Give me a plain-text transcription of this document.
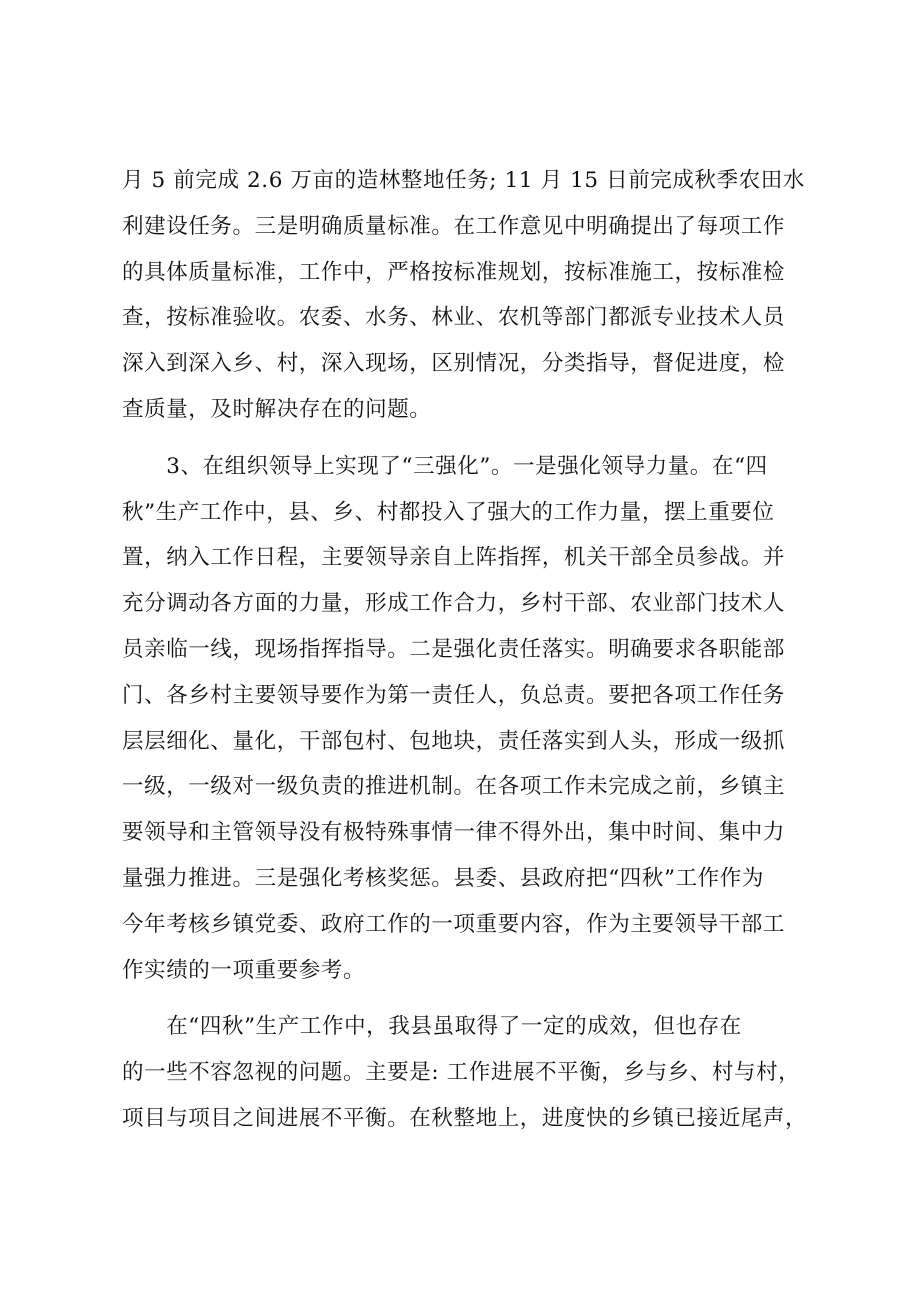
月 5 前完成 2.6 万亩的造林整地任务; 11 月 15 日前完成秋季农田水
利建设任务。三是明确质量标准。在工作意见中明确提出了每项工作
的具体质量标准，工作中，严格按标准规划，按标准施工，按标准检
查，按标准验收。农委、水务、林业、农机等部门都派专业技术人员
深入到深入乡、村，深入现场，区别情况，分类指导，督促进度，检
查质量，及时解决存在的问题。
　　3、在组织领导上实现了“三强化”。一是强化领导力量。在“四
秋”生产工作中，县、乡、村都投入了强大的工作力量，摆上重要位
置，纳入工作日程，主要领导亲自上阵指挥，机关干部全员参战。并
充分调动各方面的力量，形成工作合力，乡村干部、农业部门技术人
员亲临一线，现场指挥指导。二是强化责任落实。明确要求各职能部
门、各乡村主要领导要作为第一责任人，负总责。要把各项工作任务
层层细化、量化，干部包村、包地块，责任落实到人头，形成一级抓
一级，一级对一级负责的推进机制。在各项工作未完成之前，乡镇主
要领导和主管领导没有极特殊事情一律不得外出，集中时间、集中力
量强力推进。三是强化考核奖惩。县委、县政府把“四秋”工作作为
今年考核乡镇党委、政府工作的一项重要内容，作为主要领导干部工
作实绩的一项重要参考。
　　在“四秋”生产工作中，我县虽取得了一定的成效，但也存在
的一些不容忽视的问题。主要是: 工作进展不平衡，乡与乡、村与村，
项目与项目之间进展不平衡。在秋整地上，进度快的乡镇已接近尾声，
